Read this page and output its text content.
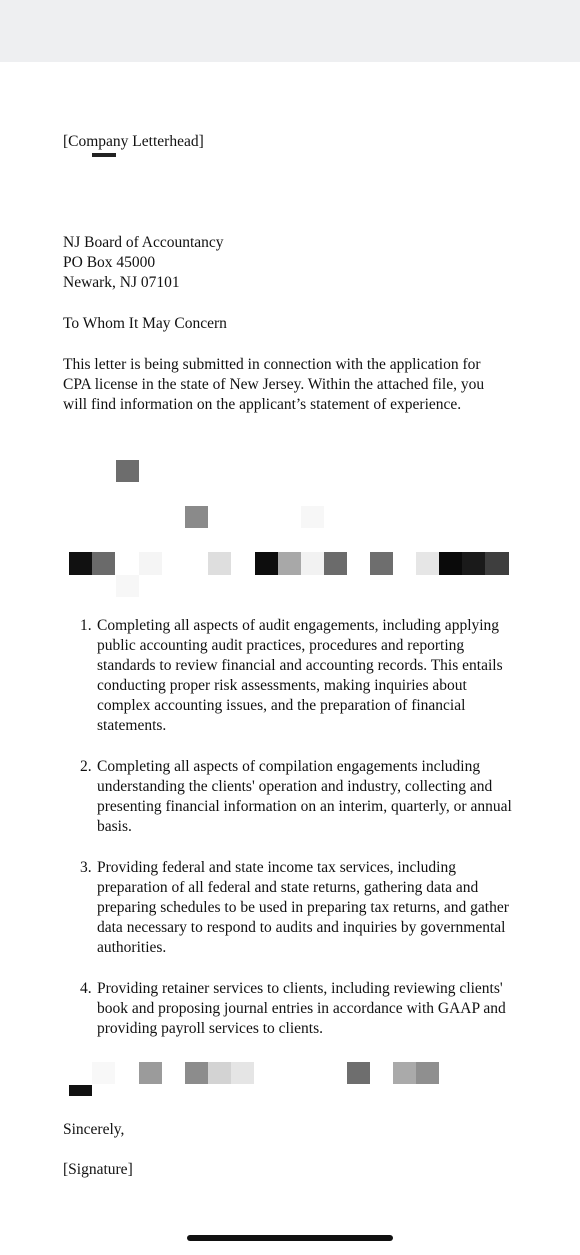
[Company Letterhead]
NJ Board of Accountancy
PO Box 45000
Newark, NJ 07101
To Whom It May Concern
This letter is being submitted in connection with the application for CPA license in the state of New Jersey. Within the attached file, you will find information on the applicant’s statement of experience.
1. Completing all aspects of audit engagements, including applying public accounting audit practices, procedures and reporting standards to review financial and accounting records. This entails conducting proper risk assessments, making inquiries about complex accounting issues, and the preparation of financial statements.
2. Completing all aspects of compilation engagements including understanding the clients' operation and industry, collecting and presenting financial information on an interim, quarterly, or annual basis.
3. Providing federal and state income tax services, including preparation of all federal and state returns, gathering data and preparing schedules to be used in preparing tax returns, and gather data necessary to respond to audits and inquiries by governmental authorities.
4. Providing retainer services to clients, including reviewing clients' book and proposing journal entries in accordance with GAAP and providing payroll services to clients.
Sincerely,
[Signature]
